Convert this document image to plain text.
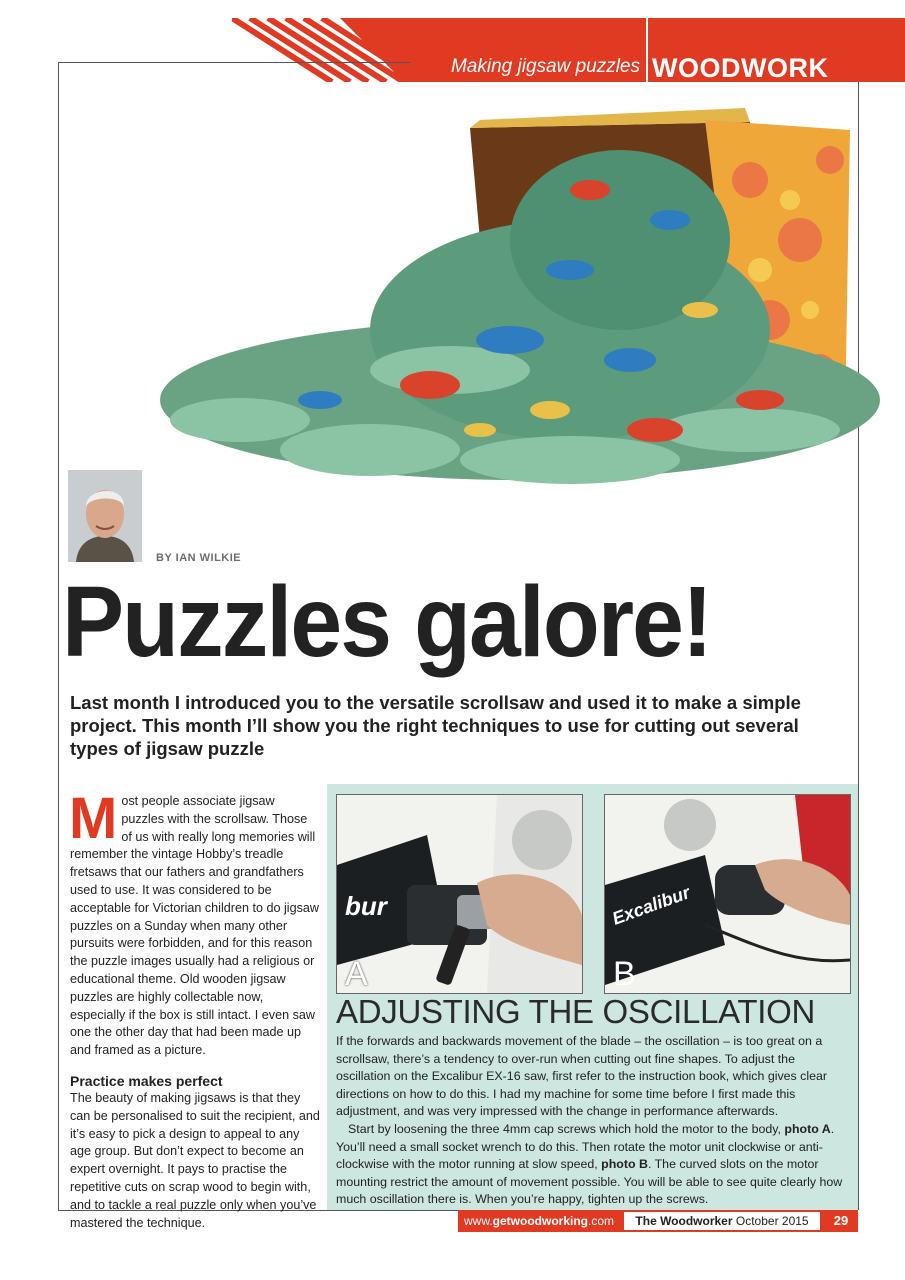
Making jigsaw puzzles WOODWORK
BY IAN WILKIE
Puzzles galore!
Last month I introduced you to the versatile scrollsaw and used it to make a simple project. This month I’ll show you the right techniques to use for cutting out several types of jigsaw puzzle

Most people associate jigsaw puzzles with the scrollsaw. Those of us with really long memories will remember the vintage Hobby’s treadle fretsaws that our fathers and grandfathers used to use. It was considered to be acceptable for Victorian children to do jigsaw puzzles on a Sunday when many other pursuits were forbidden, and for this reason the puzzle images usually had a religious or educational theme. Old wooden jigsaw puzzles are highly collectable now, especially if the box is still intact. I even saw one the other day that had been made up and framed as a picture.

Practice makes perfect

The beauty of making jigsaws is that they can be personalised to suit the recipient, and it’s easy to pick a design to appeal to any age group. But don’t expect to become an expert overnight. It pays to practise the repetitive cuts on scrap wood to begin with, and to tackle a real puzzle only when you’ve mastered the technique.

bur
A
Excalibur
B
ADJUSTING THE OSCILLATION

If the forwards and backwards movement of the blade – the oscillation – is too great on a scrollsaw, there’s a tendency to over-run when cutting out fine shapes. To adjust the oscillation on the Excalibur EX-16 saw, first refer to the instruction book, which gives clear directions on how to do this. I had my machine for some time before I first made this adjustment, and was very impressed with the change in performance afterwards.

Start by loosening the three 4mm cap screws which hold the motor to the body, photo A. You’ll need a small socket wrench to do this. Then rotate the motor unit clockwise or anti-clockwise with the motor running at slow speed, photo B. The curved slots on the motor mounting restrict the amount of movement possible. You will be able to see quite clearly how much oscillation there is. When you’re happy, tighten up the screws.

www.getwoodworking.com	The Woodworker October 2015	29
